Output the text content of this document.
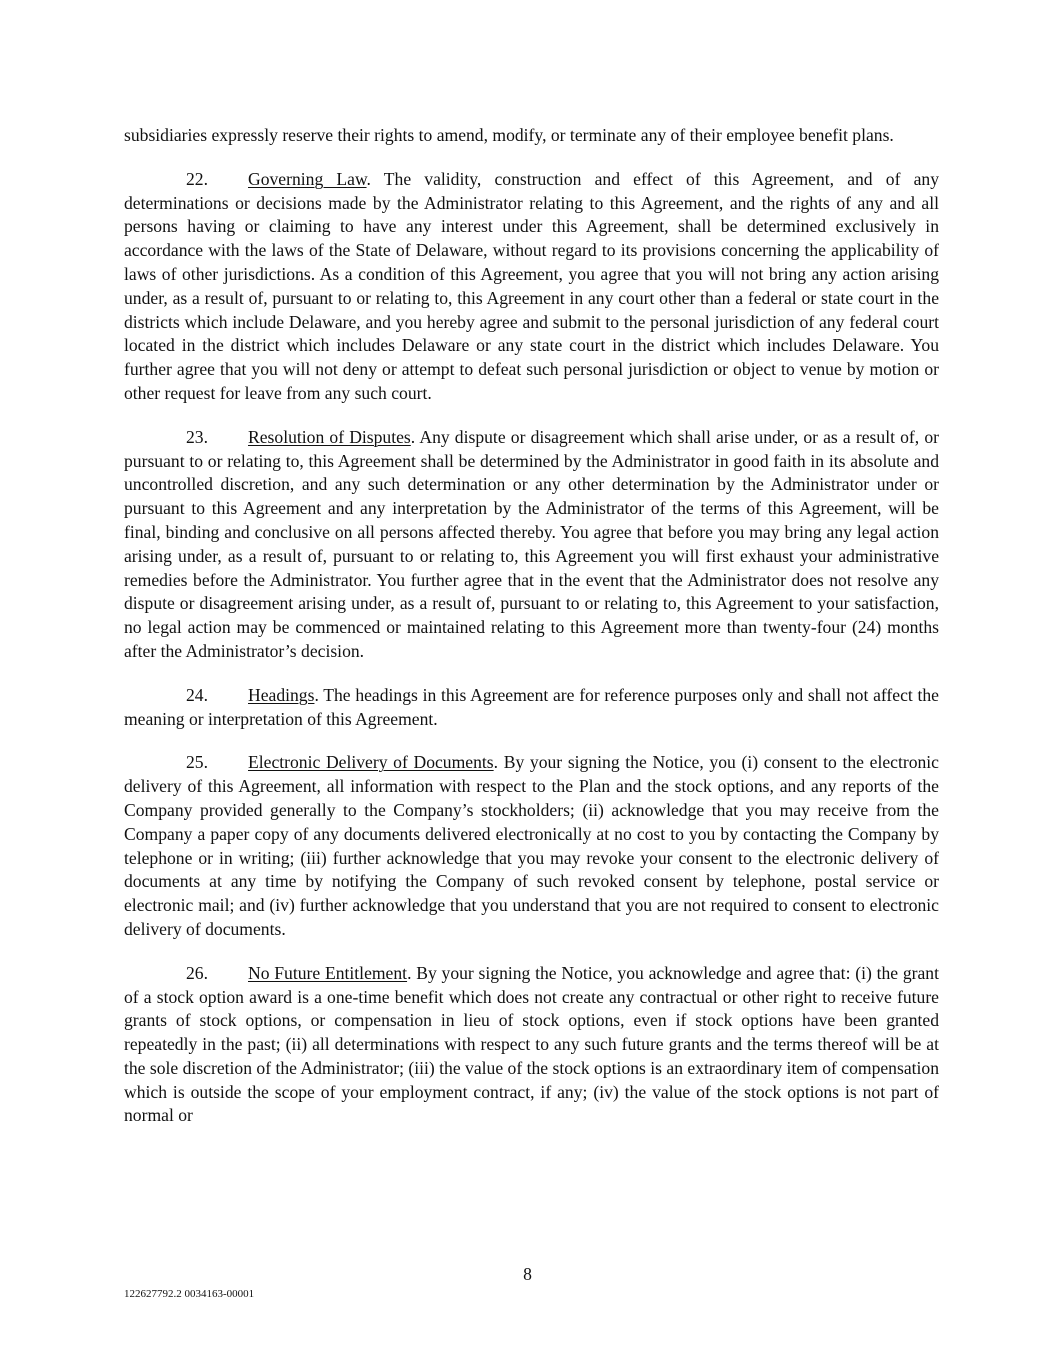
subsidiaries expressly reserve their rights to amend, modify, or terminate any of their employee benefit plans.

22. Governing Law. The validity, construction and effect of this Agreement, and of any determinations or decisions made by the Administrator relating to this Agreement, and the rights of any and all persons having or claiming to have any interest under this Agreement, shall be determined exclusively in accordance with the laws of the State of Delaware, without regard to its provisions concerning the applicability of laws of other jurisdictions. As a condition of this Agreement, you agree that you will not bring any action arising under, as a result of, pursuant to or relating to, this Agreement in any court other than a federal or state court in the districts which include Delaware, and you hereby agree and submit to the personal jurisdiction of any federal court located in the district which includes Delaware or any state court in the district which includes Delaware. You further agree that you will not deny or attempt to defeat such personal jurisdiction or object to venue by motion or other request for leave from any such court.

23. Resolution of Disputes. Any dispute or disagreement which shall arise under, or as a result of, or pursuant to or relating to, this Agreement shall be determined by the Administrator in good faith in its absolute and uncontrolled discretion, and any such determination or any other determination by the Administrator under or pursuant to this Agreement and any interpretation by the Administrator of the terms of this Agreement, will be final, binding and conclusive on all persons affected thereby. You agree that before you may bring any legal action arising under, as a result of, pursuant to or relating to, this Agreement you will first exhaust your administrative remedies before the Administrator. You further agree that in the event that the Administrator does not resolve any dispute or disagreement arising under, as a result of, pursuant to or relating to, this Agreement to your satisfaction, no legal action may be commenced or maintained relating to this Agreement more than twenty-four (24) months after the Administrator’s decision.

24. Headings. The headings in this Agreement are for reference purposes only and shall not affect the meaning or interpretation of this Agreement.

25. Electronic Delivery of Documents. By your signing the Notice, you (i) consent to the electronic delivery of this Agreement, all information with respect to the Plan and the stock options, and any reports of the Company provided generally to the Company’s stockholders; (ii) acknowledge that you may receive from the Company a paper copy of any documents delivered electronically at no cost to you by contacting the Company by telephone or in writing; (iii) further acknowledge that you may revoke your consent to the electronic delivery of documents at any time by notifying the Company of such revoked consent by telephone, postal service or electronic mail; and (iv) further acknowledge that you understand that you are not required to consent to electronic delivery of documents.

26. No Future Entitlement. By your signing the Notice, you acknowledge and agree that: (i) the grant of a stock option award is a one-time benefit which does not create any contractual or other right to receive future grants of stock options, or compensation in lieu of stock options, even if stock options have been granted repeatedly in the past; (ii) all determinations with respect to any such future grants and the terms thereof will be at the sole discretion of the Administrator; (iii) the value of the stock options is an extraordinary item of compensation which is outside the scope of your employment contract, if any; (iv) the value of the stock options is not part of normal or

8
122627792.2 0034163-00001
